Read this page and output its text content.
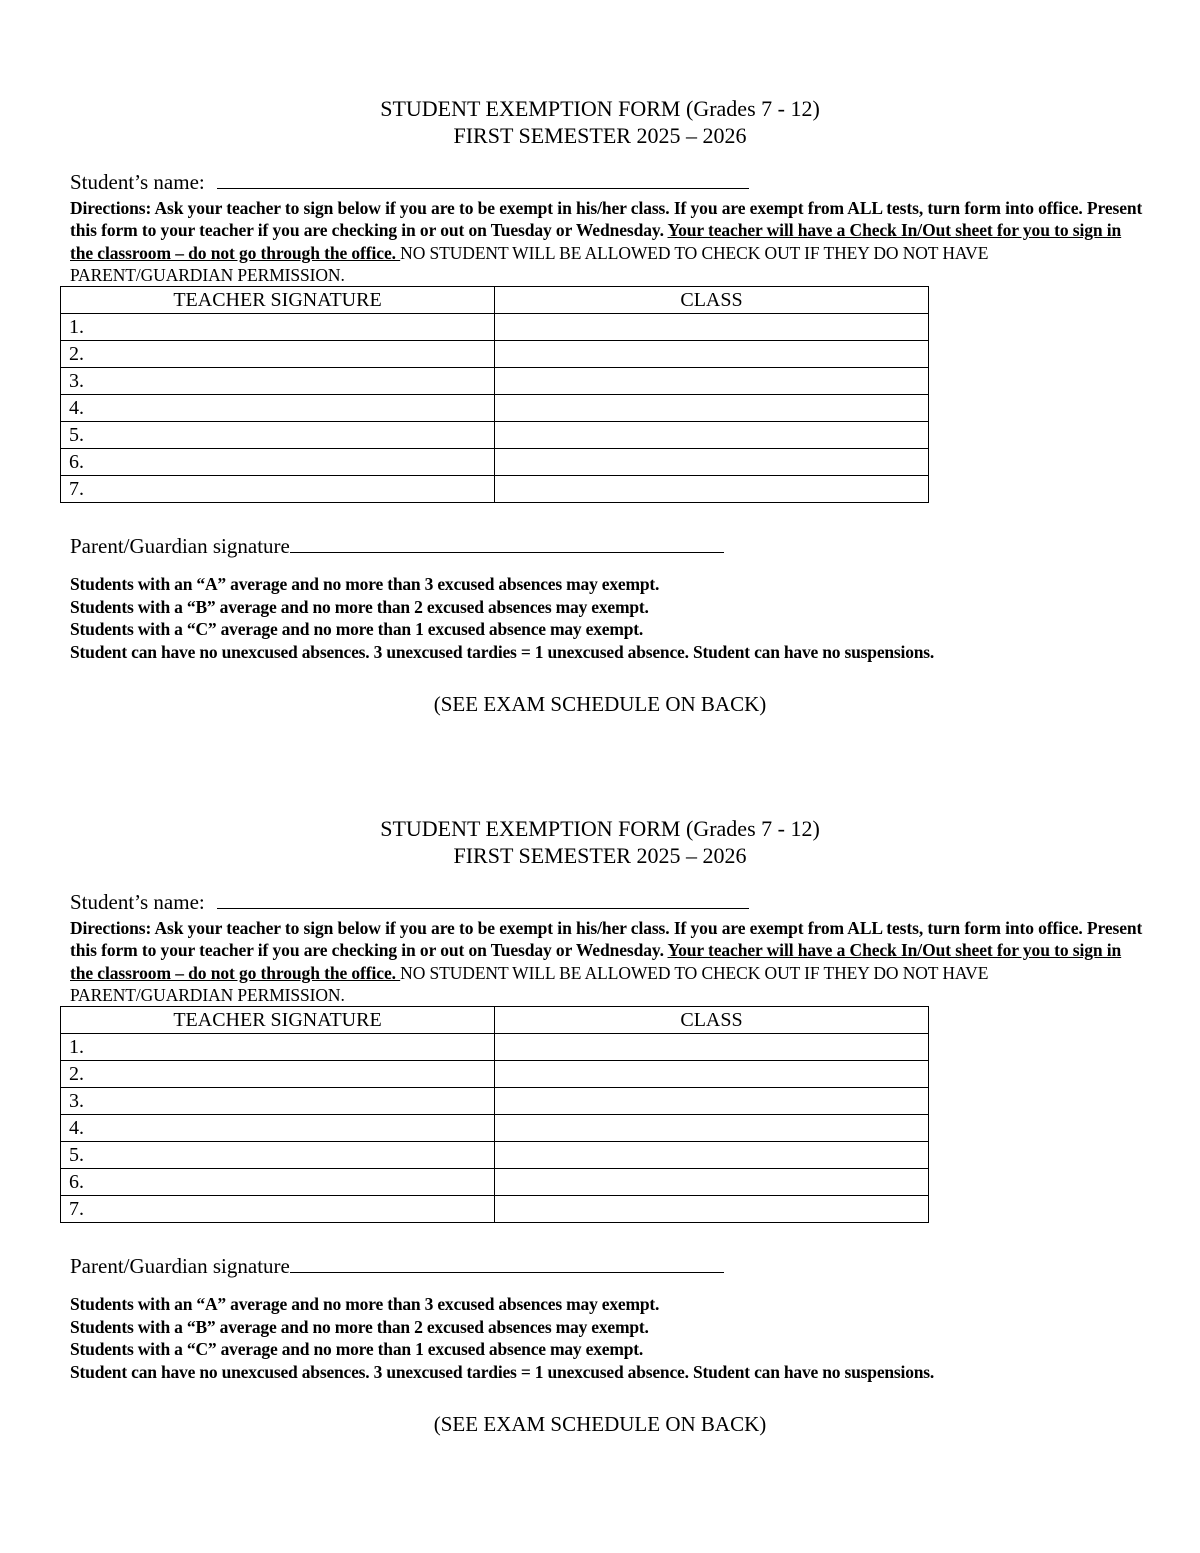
STUDENT EXEMPTION FORM (Grades 7 - 12)
FIRST SEMESTER 2025 – 2026
Student’s name:
Directions: Ask your teacher to sign below if you are to be exempt in his/her class. If you are exempt from ALL tests, turn form into office. Present this form to your teacher if you are checking in or out on Tuesday or Wednesday. Your teacher will have a Check In/Out sheet for you to sign in the classroom – do not go through the office. NO STUDENT WILL BE ALLOWED TO CHECK OUT IF THEY DO NOT HAVE PARENT/GUARDIAN PERMISSION.
TEACHER SIGNATURE	CLASS
1.	
2.	
3.	
4.	
5.	
6.	
7.	
Parent/Guardian signature
Students with an “A” average and no more than 3 excused absences may exempt.
Students with a “B” average and no more than 2 excused absences may exempt.
Students with a “C” average and no more than 1 excused absence may exempt.
Student can have no unexcused absences. 3 unexcused tardies = 1 unexcused absence. Student can have no suspensions.
(SEE EXAM SCHEDULE ON BACK)
STUDENT EXEMPTION FORM (Grades 7 - 12)
FIRST SEMESTER 2025 – 2026
Student’s name:
Directions: Ask your teacher to sign below if you are to be exempt in his/her class. If you are exempt from ALL tests, turn form into office. Present this form to your teacher if you are checking in or out on Tuesday or Wednesday. Your teacher will have a Check In/Out sheet for you to sign in the classroom – do not go through the office. NO STUDENT WILL BE ALLOWED TO CHECK OUT IF THEY DO NOT HAVE PARENT/GUARDIAN PERMISSION.
TEACHER SIGNATURE	CLASS
1.	
2.	
3.	
4.	
5.	
6.	
7.	
Parent/Guardian signature
Students with an “A” average and no more than 3 excused absences may exempt.
Students with a “B” average and no more than 2 excused absences may exempt.
Students with a “C” average and no more than 1 excused absence may exempt.
Student can have no unexcused absences. 3 unexcused tardies = 1 unexcused absence. Student can have no suspensions.
(SEE EXAM SCHEDULE ON BACK)
